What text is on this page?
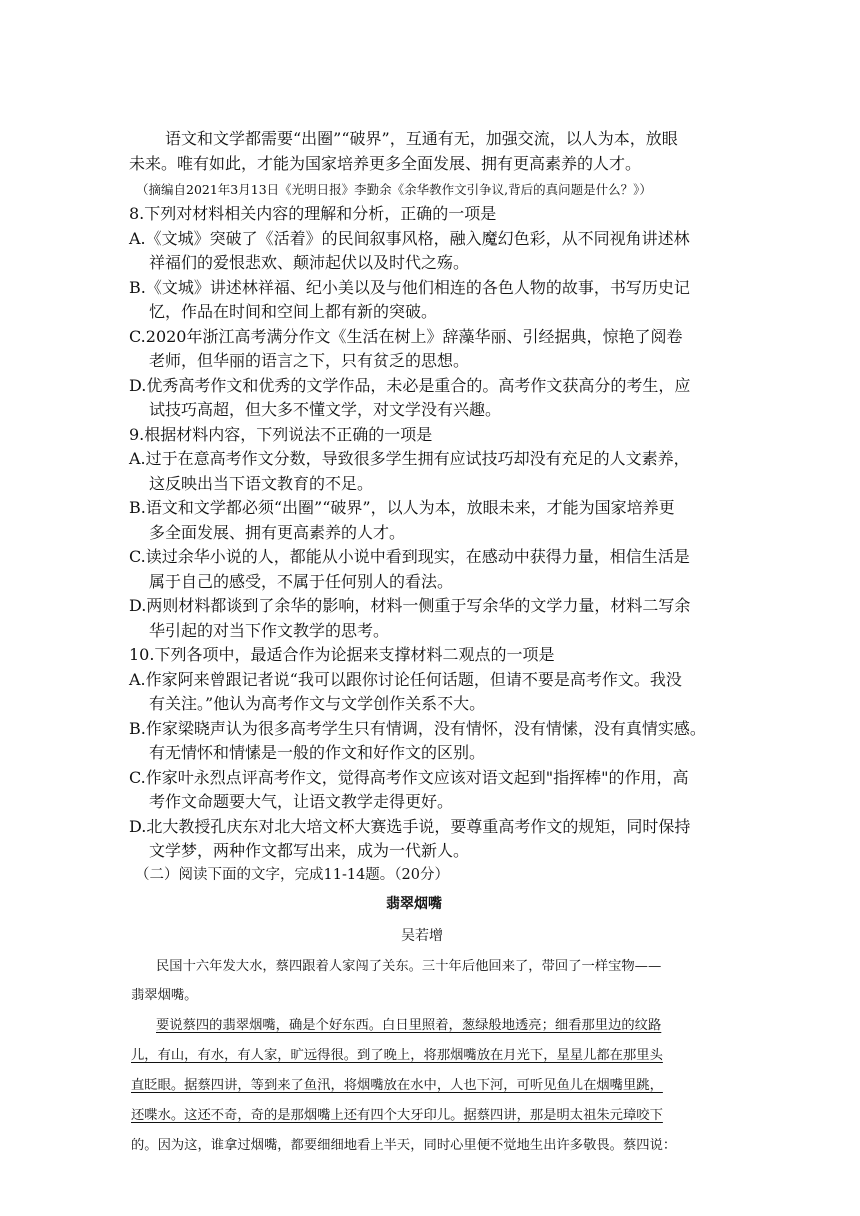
语文和文学都需要“出圈”“破界”，互通有无，加强交流，以人为本，放眼
未来。唯有如此，才能为国家培养更多全面发展、拥有更高素养的人才。
（摘编自2021年3月13日《光明日报》李勤余《余华教作文引争议,背后的真问题是什么？》）
8.下列对材料相关内容的理解和分析，正确的一项是
A.《文城》突破了《活着》的民间叙事风格，融入魔幻色彩，从不同视角讲述林
祥福们的爱恨悲欢、颠沛起伏以及时代之殇。
B.《文城》讲述林祥福、纪小美以及与他们相连的各色人物的故事，书写历史记
忆，作品在时间和空间上都有新的突破。
C.2020年浙江高考满分作文《生活在树上》辞藻华丽、引经据典，惊艳了阅卷
老师，但华丽的语言之下，只有贫乏的思想。
D.优秀高考作文和优秀的文学作品，未必是重合的。高考作文获高分的考生，应
试技巧高超，但大多不懂文学，对文学没有兴趣。
9.根据材料内容，下列说法不正确的一项是
A.过于在意高考作文分数，导致很多学生拥有应试技巧却没有充足的人文素养，
这反映出当下语文教育的不足。
B.语文和文学都必须“出圈”“破界”，以人为本，放眼未来，才能为国家培养更
多全面发展、拥有更高素养的人才。
C.读过余华小说的人，都能从小说中看到现实，在感动中获得力量，相信生活是
属于自己的感受，不属于任何别人的看法。
D.两则材料都谈到了余华的影响，材料一侧重于写余华的文学力量，材料二写余
华引起的对当下作文教学的思考。
10.下列各项中，最适合作为论据来支撑材料二观点的一项是
A.作家阿来曾跟记者说“我可以跟你讨论任何话题，但请不要是高考作文。我没
有关注。”他认为高考作文与文学创作关系不大。
B.作家梁晓声认为很多高考学生只有情调，没有情怀，没有情愫，没有真情实感。
有无情怀和情愫是一般的作文和好作文的区别。
C.作家叶永烈点评高考作文，觉得高考作文应该对语文起到"指挥棒"的作用，高
考作文命题要大气，让语文教学走得更好。
D.北大教授孔庆东对北大培文杯大赛选手说，要尊重高考作文的规矩，同时保持
文学梦，两种作文都写出来，成为一代新人。
（二）阅读下面的文字，完成11-14题。（20分）
翡翠烟嘴
吴若增
民国十六年发大水，蔡四跟着人家闯了关东。三十年后他回来了，带回了一样宝物——
翡翠烟嘴。
要说蔡四的翡翠烟嘴，确是个好东西。白日里照着，葱绿般地透亮；细看那里边的纹路
儿，有山，有水，有人家，旷远得很。到了晚上，将那烟嘴放在月光下，星星儿都在那里头
直眨眼。据蔡四讲，等到来了鱼汛，将烟嘴放在水中，人也下河，可听见鱼儿在烟嘴里跳，
还喋水。这还不奇，奇的是那烟嘴上还有四个大牙印儿。据蔡四讲，那是明太祖朱元璋咬下
的。因为这，谁拿过烟嘴，都要细细地看上半天，同时心里便不觉地生出许多敬畏。蔡四说：
